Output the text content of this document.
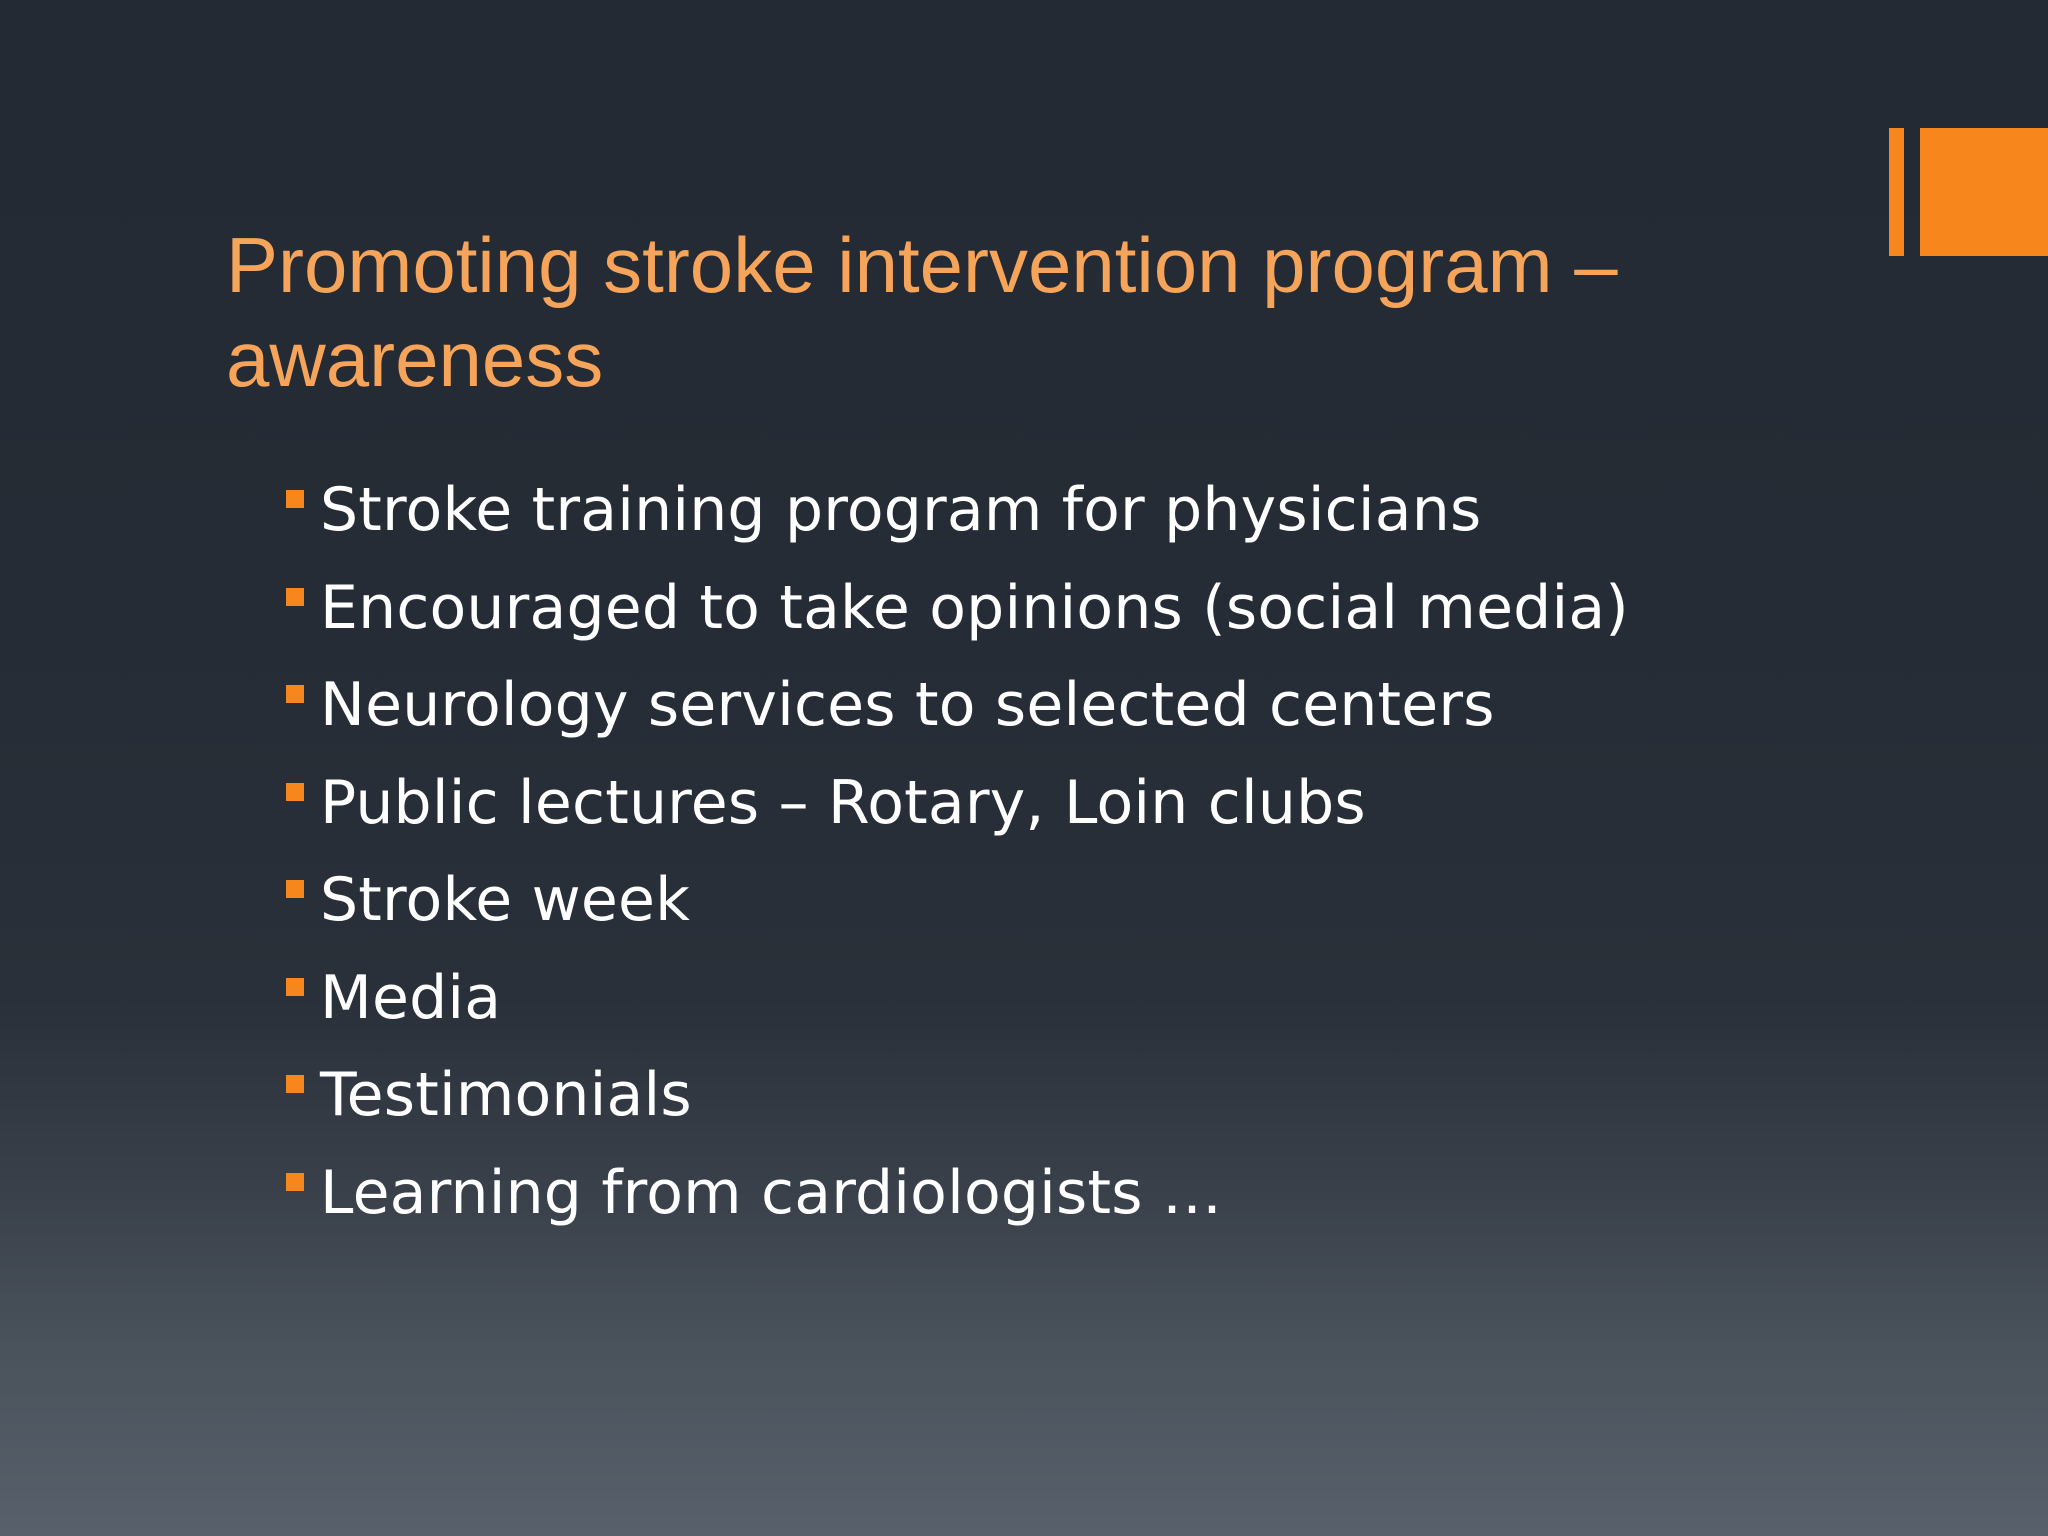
Promoting stroke intervention program – awareness
Stroke training program for physicians
Encouraged to take opinions (social media)
Neurology services to selected centers
Public lectures – Rotary, Loin clubs
Stroke week
Media
Testimonials
Learning from cardiologists …
